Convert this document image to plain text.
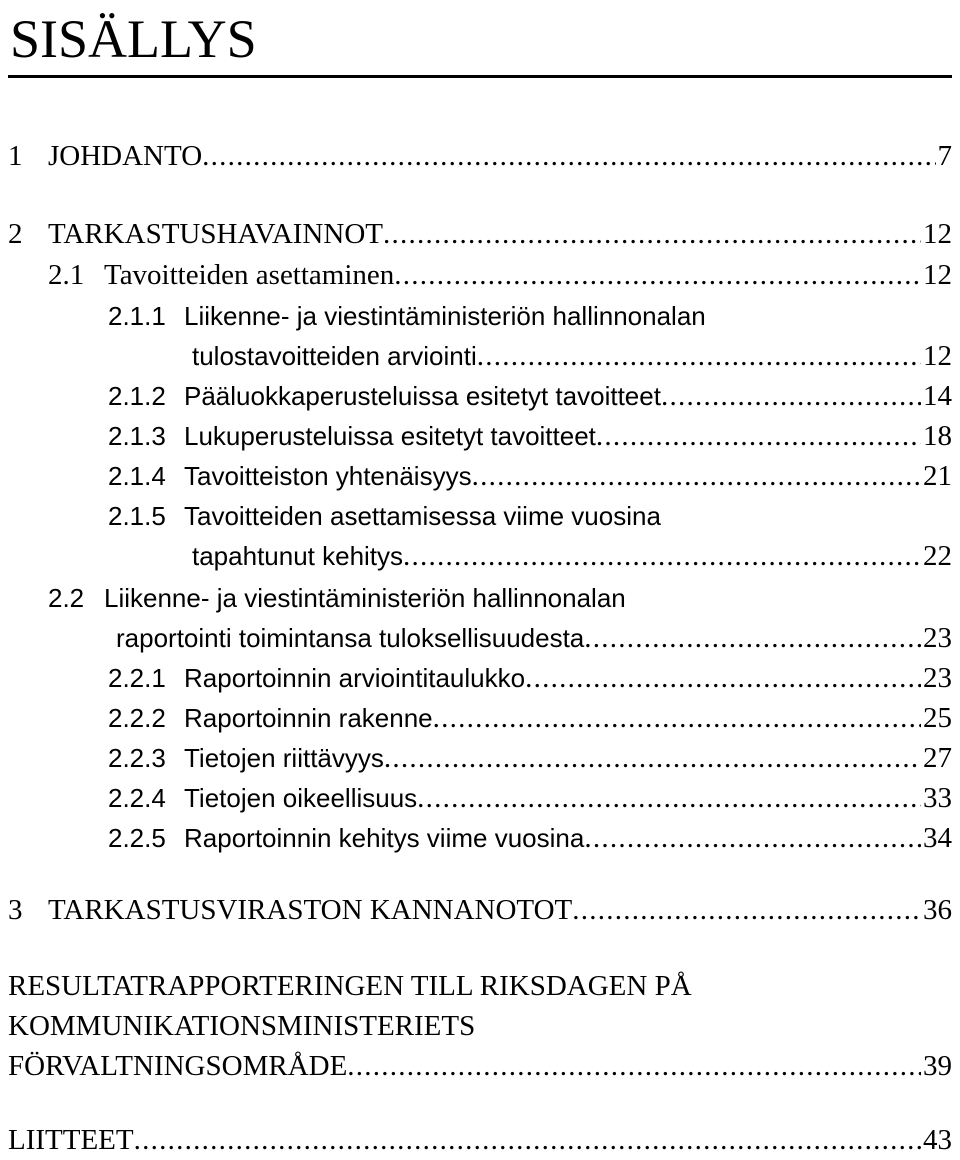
SISÄLLYS
1 JOHDANTO . . .	7
2 TARKASTUSHAVAINNOT . . .	12
2.1 Tavoitteiden asettaminen . . .	12
2.1.1 Liikenne- ja viestintäministeriön hallinnonalan
tulostavoitteiden arviointi . . .	12
2.1.2 Pääluokkaperusteluissa esitetyt tavoitteet . . .	14
2.1.3 Lukuperusteluissa esitetyt tavoitteet . . .	18
2.1.4 Tavoitteiston yhtenäisyys . . .	21
2.1.5 Tavoitteiden asettamisessa viime vuosina
tapahtunut kehitys . . .	22
2.2 Liikenne- ja viestintäministeriön hallinnonalan
raportointi toimintansa tuloksellisuudesta . . .	23
2.2.1 Raportoinnin arviointitaulukko . . .	23
2.2.2 Raportoinnin rakenne . . .	25
2.2.3 Tietojen riittävyys . . .	27
2.2.4 Tietojen oikeellisuus . . .	33
2.2.5 Raportoinnin kehitys viime vuosina . . .	34
3 TARKASTUSVIRASTON KANNANOTOT . . .	36
RESULTATRAPPORTERINGEN TILL RIKSDAGEN PÅ
KOMMUNIKATIONSMINISTERIETS
FÖRVALTNINGSOMRÅDE . . .	39
LIITTEET . . .	43
